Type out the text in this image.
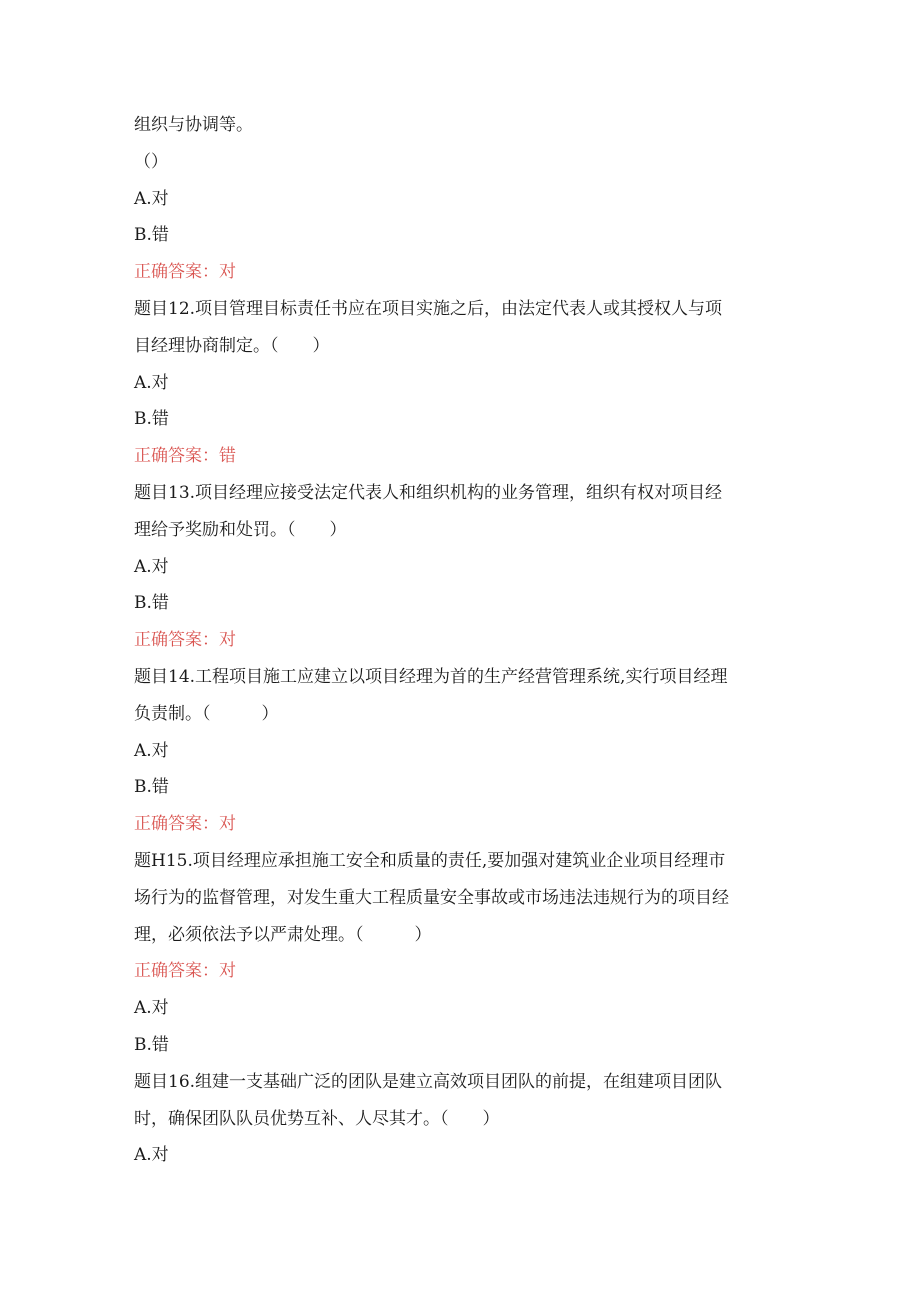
组织与协调等。
（）
A.对
B.错
正确答案：对
题目12.项目管理目标责任书应在项目实施之后，由法定代表人或其授权人与项
目经理协商制定。（　　）
A.对
B.错
正确答案：错
题目13.项目经理应接受法定代表人和组织机构的业务管理，组织有权对项目经
理给予奖励和处罚。（　　）
A.对
B.错
正确答案：对
题目14.工程项目施工应建立以项目经理为首的生产经营管理系统,实行项目经理
负责制。（　　　）
A.对
B.错
正确答案：对
题H15.项目经理应承担施工安全和质量的责任,要加强对建筑业企业项目经理市
场行为的监督管理，对发生重大工程质量安全事故或市场违法违规行为的项目经
理，必须依法予以严肃处理。（　　　）
正确答案：对
A.对
B.错
题目16.组建一支基础广泛的团队是建立高效项目团队的前提，在组建项目团队
时，确保团队队员优势互补、人尽其才。（　　）
A.对
